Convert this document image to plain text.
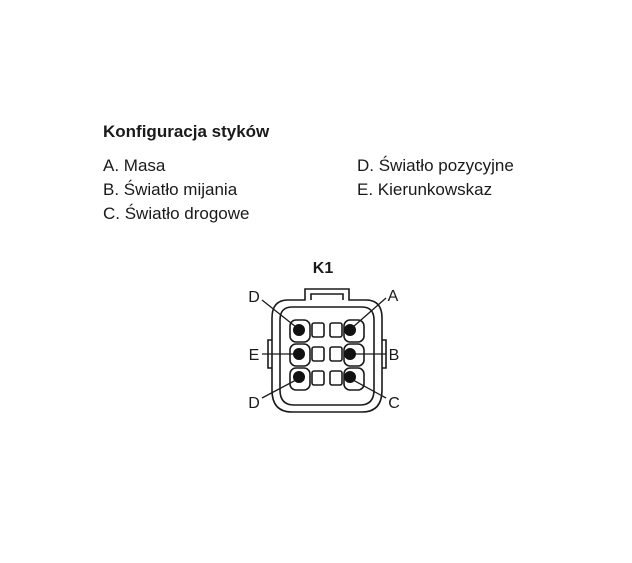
Konfiguracja styków
A. Masa
B. Światło mijania
C. Światło drogowe
D. Światło pozycyjne
E. Kierunkowskaz
K1
D
E
D
A
B
C
